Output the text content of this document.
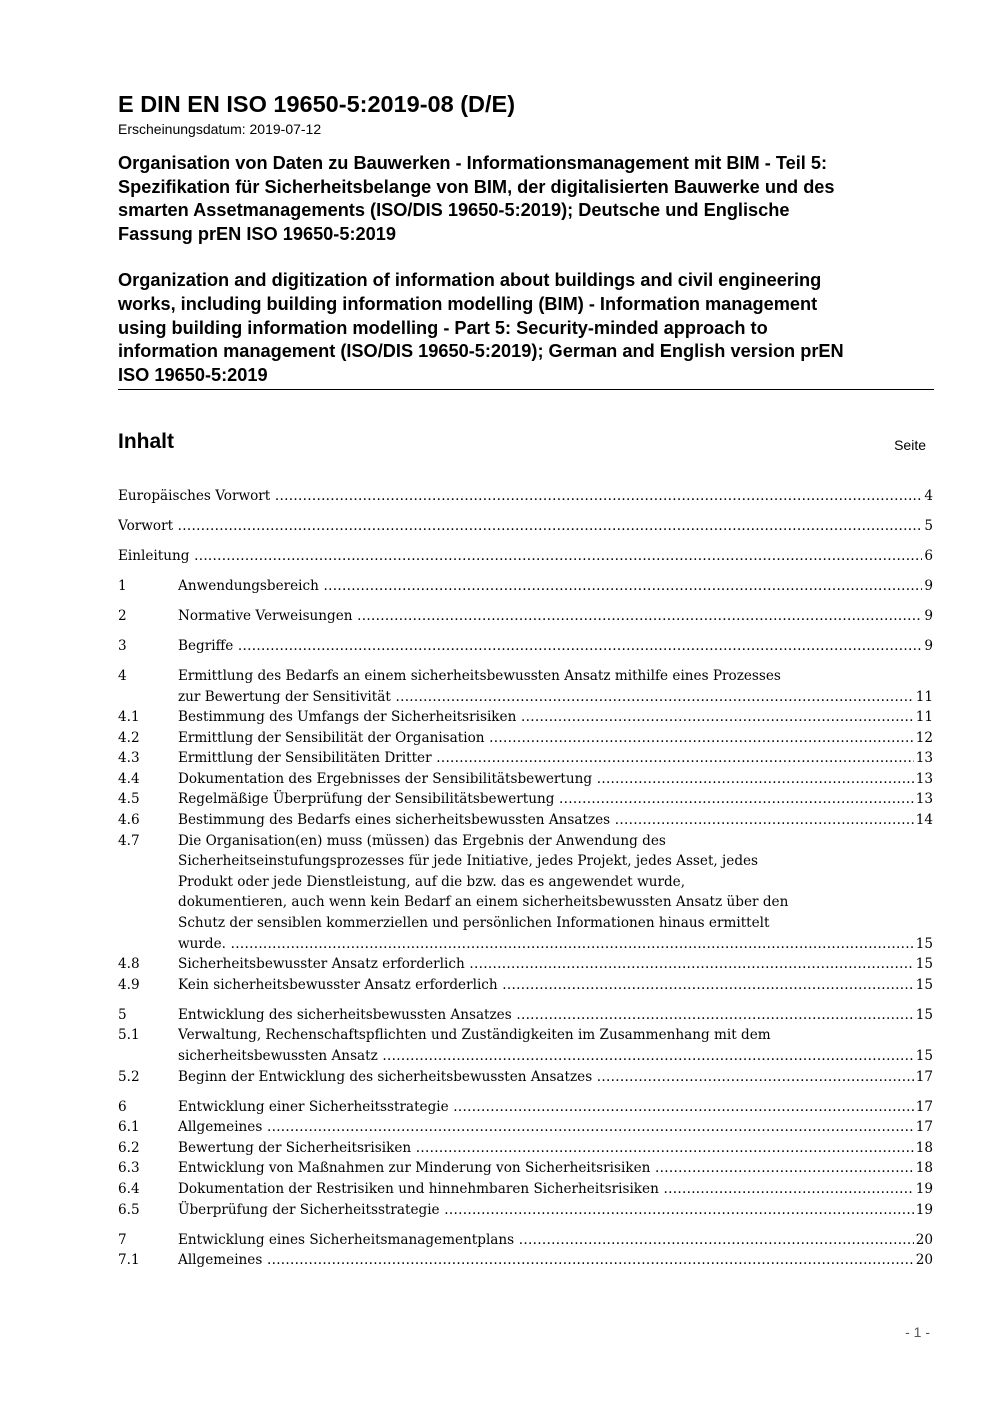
E DIN EN ISO 19650-5:2019-08 (D/E)

Erscheinungsdatum: 2019-07-12

Organisation von Daten zu Bauwerken - Informationsmanagement mit BIM - Teil 5:
Spezifikation für Sicherheitsbelange von BIM, der digitalisierten Bauwerke und des
smarten Assetmanagements (ISO/DIS 19650-5:2019); Deutsche und Englische
Fassung prEN ISO 19650-5:2019

Organization and digitization of information about buildings and civil engineering
works, including building information modelling (BIM) - Information management
using building information modelling - Part 5: Security-minded approach to
information management (ISO/DIS 19650-5:2019); German and English version prEN
ISO 19650-5:2019

Inhalt	Seite
Europäisches Vorwort .....	4
Vorwort .....	5
Einleitung .....	6
1	Anwendungsbereich .....	9
2	Normative Verweisungen .....	9
3	Begriffe .....	9
4	Ermittlung des Bedarfs an einem sicherheitsbewussten Ansatz mithilfe eines Prozesses
zur Bewertung der Sensitivität .....	11
4.1	Bestimmung des Umfangs der Sicherheitsrisiken .....	11
4.2	Ermittlung der Sensibilität der Organisation .....	12
4.3	Ermittlung der Sensibilitäten Dritter .....	13
4.4	Dokumentation des Ergebnisses der Sensibilitätsbewertung .....	13
4.5	Regelmäßige Überprüfung der Sensibilitätsbewertung .....	13
4.6	Bestimmung des Bedarfs eines sicherheitsbewussten Ansatzes .....	14
4.7	Die Organisation(en) muss (müssen) das Ergebnis der Anwendung des
Sicherheitseinstufungsprozesses für jede Initiative, jedes Projekt, jedes Asset, jedes
Produkt oder jede Dienstleistung, auf die bzw. das es angewendet wurde,
dokumentieren, auch wenn kein Bedarf an einem sicherheitsbewussten Ansatz über den
Schutz der sensiblen kommerziellen und persönlichen Informationen hinaus ermittelt
wurde. .....	15
4.8	Sicherheitsbewusster Ansatz erforderlich .....	15
4.9	Kein sicherheitsbewusster Ansatz erforderlich .....	15
5	Entwicklung des sicherheitsbewussten Ansatzes .....	15
5.1	Verwaltung, Rechenschaftspflichten und Zuständigkeiten im Zusammenhang mit dem
sicherheitsbewussten Ansatz .....	15
5.2	Beginn der Entwicklung des sicherheitsbewussten Ansatzes .....	17
6	Entwicklung einer Sicherheitsstrategie .....	17
6.1	Allgemeines .....	17
6.2	Bewertung der Sicherheitsrisiken .....	18
6.3	Entwicklung von Maßnahmen zur Minderung von Sicherheitsrisiken .....	18
6.4	Dokumentation der Restrisiken und hinnehmbaren Sicherheitsrisiken .....	19
6.5	Überprüfung der Sicherheitsstrategie .....	19
7	Entwicklung eines Sicherheitsmanagementplans .....	20
7.1	Allgemeines .....	20
- 1 -
